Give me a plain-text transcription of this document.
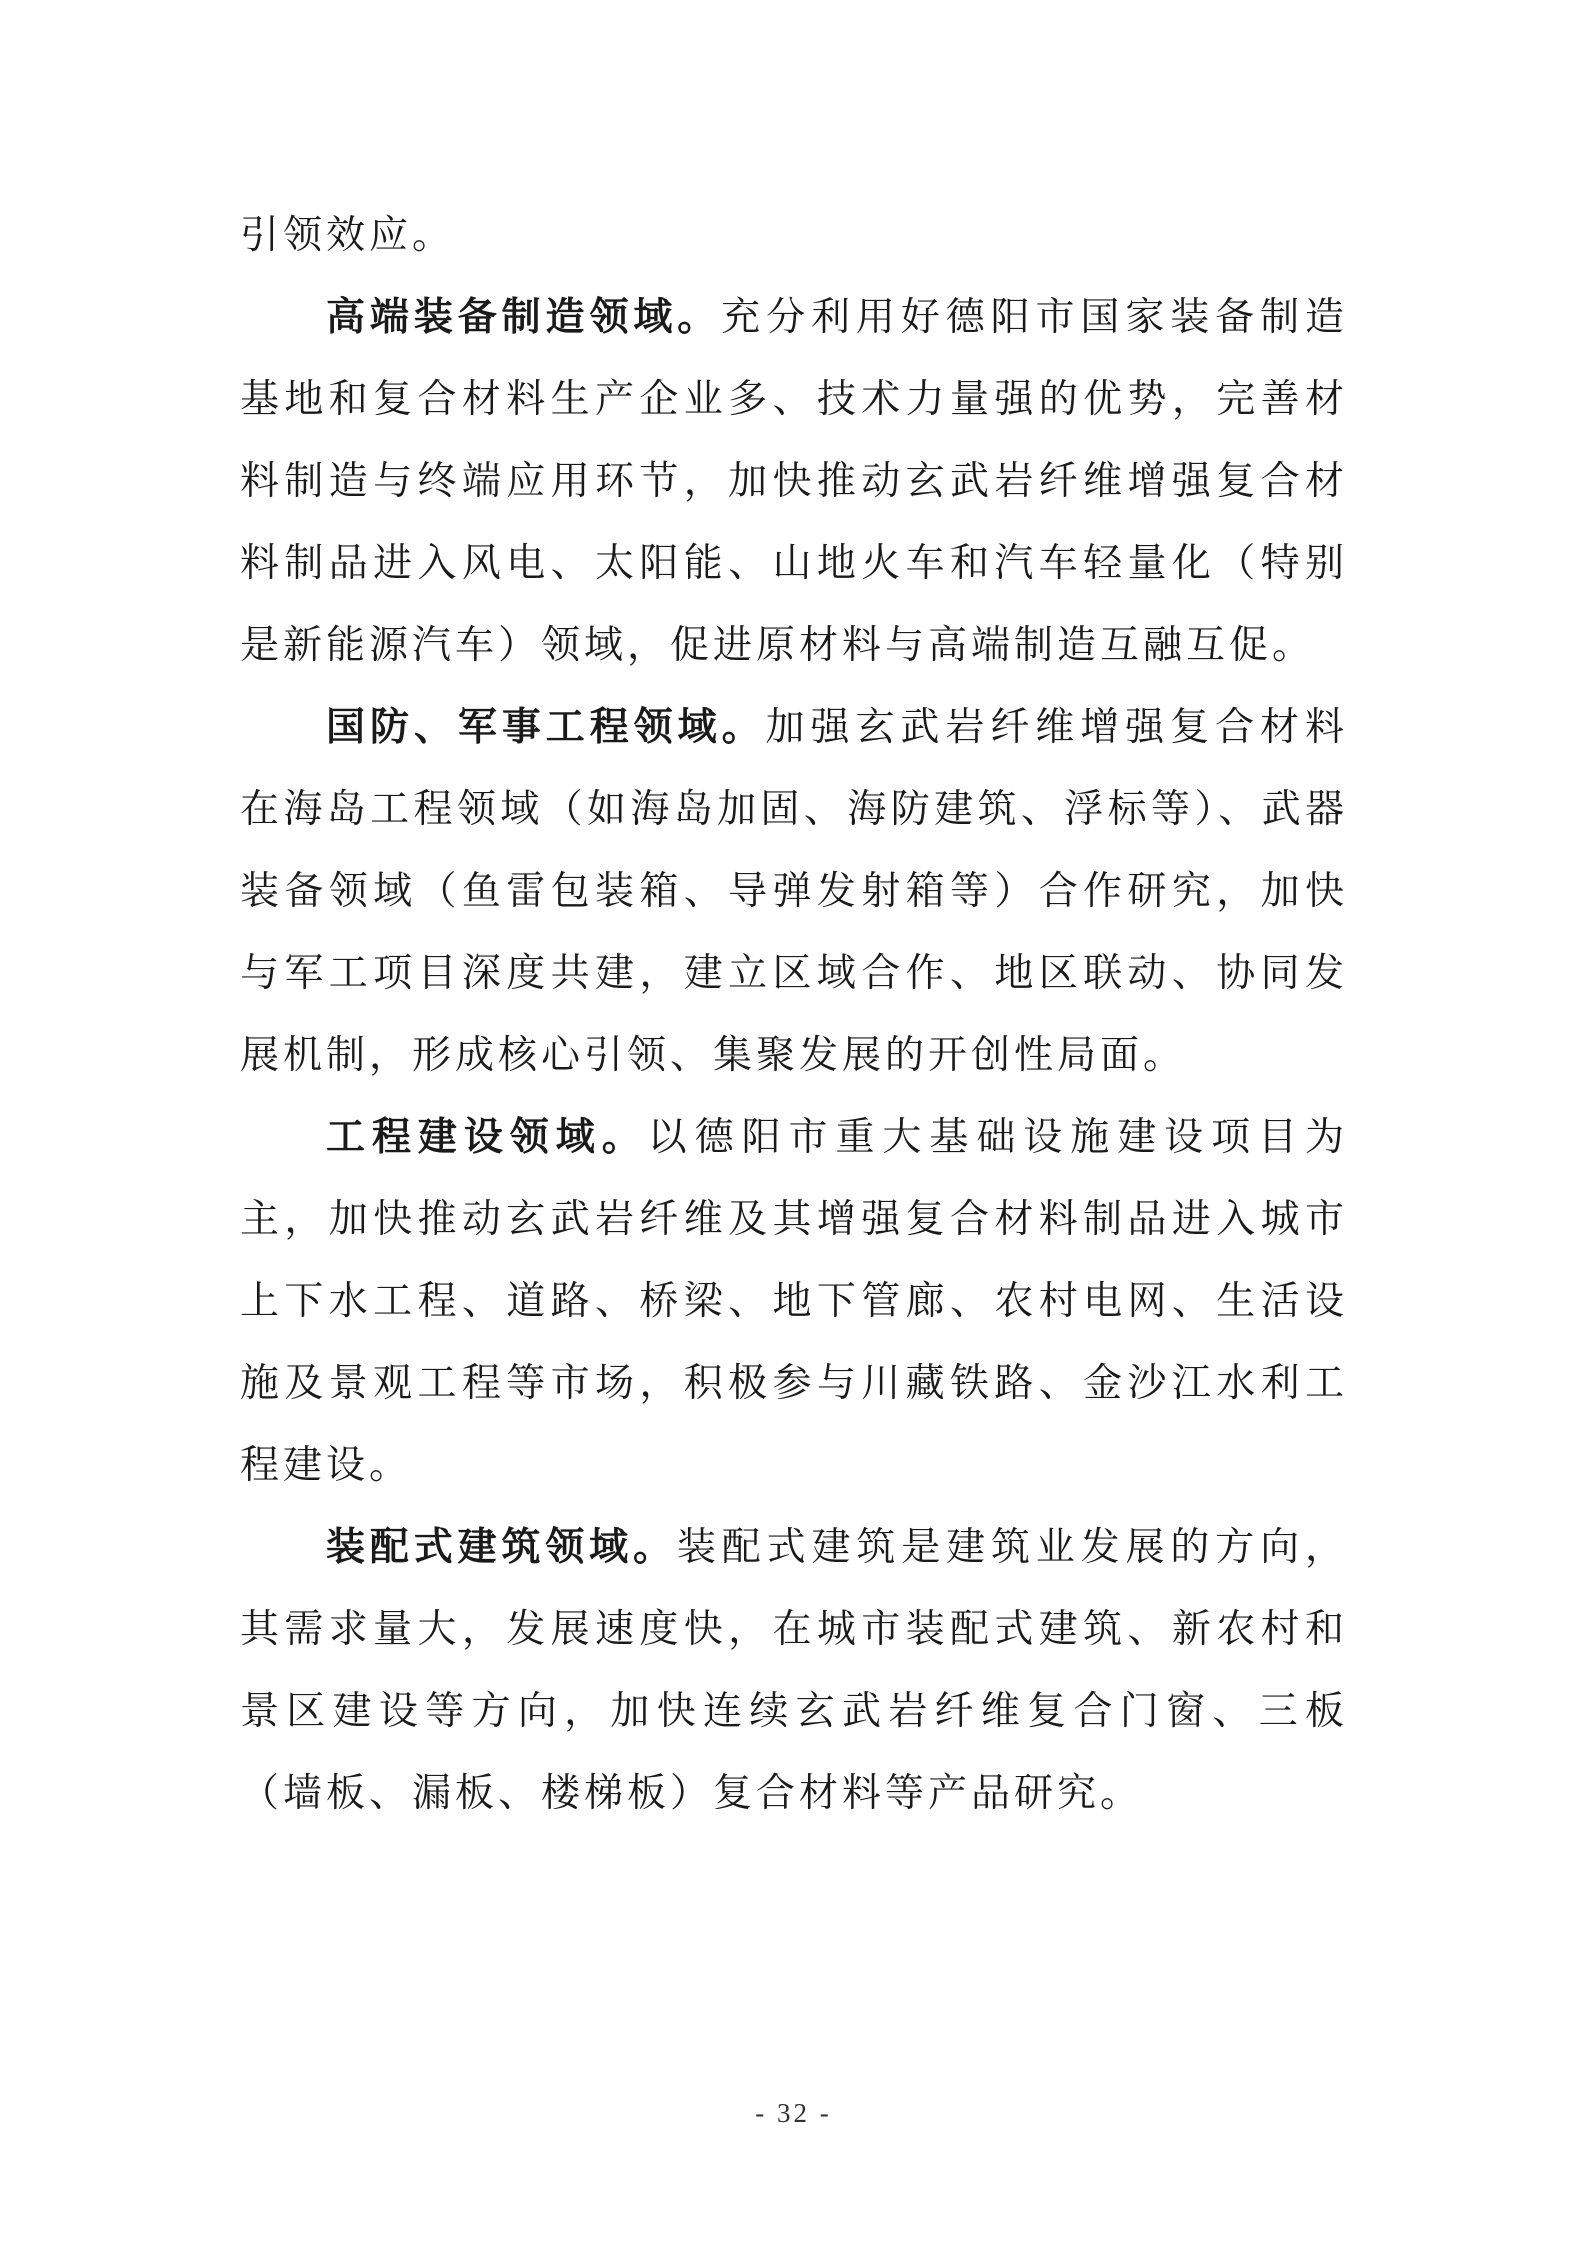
引领效应。

高端装备制造领域。充分利用好德阳市国家装备制造基地和复合材料生产企业多、技术力量强的优势，完善材料制造与终端应用环节，加快推动玄武岩纤维增强复合材料制品进入风电、太阳能、山地火车和汽车轻量化（特别是新能源汽车）领域，促进原材料与高端制造互融互促。

国防、军事工程领域。加强玄武岩纤维增强复合材料在海岛工程领域（如海岛加固、海防建筑、浮标等）、武器装备领域（鱼雷包装箱、导弹发射箱等）合作研究，加快与军工项目深度共建，建立区域合作、地区联动、协同发展机制，形成核心引领、集聚发展的开创性局面。

工程建设领域。以德阳市重大基础设施建设项目为主，加快推动玄武岩纤维及其增强复合材料制品进入城市上下水工程、道路、桥梁、地下管廊、农村电网、生活设施及景观工程等市场，积极参与川藏铁路、金沙江水利工程建设。

装配式建筑领域。装配式建筑是建筑业发展的方向，其需求量大，发展速度快，在城市装配式建筑、新农村和景区建设等方向，加快连续玄武岩纤维复合门窗、三板（墙板、漏板、楼梯板）复合材料等产品研究。

- 32 -
